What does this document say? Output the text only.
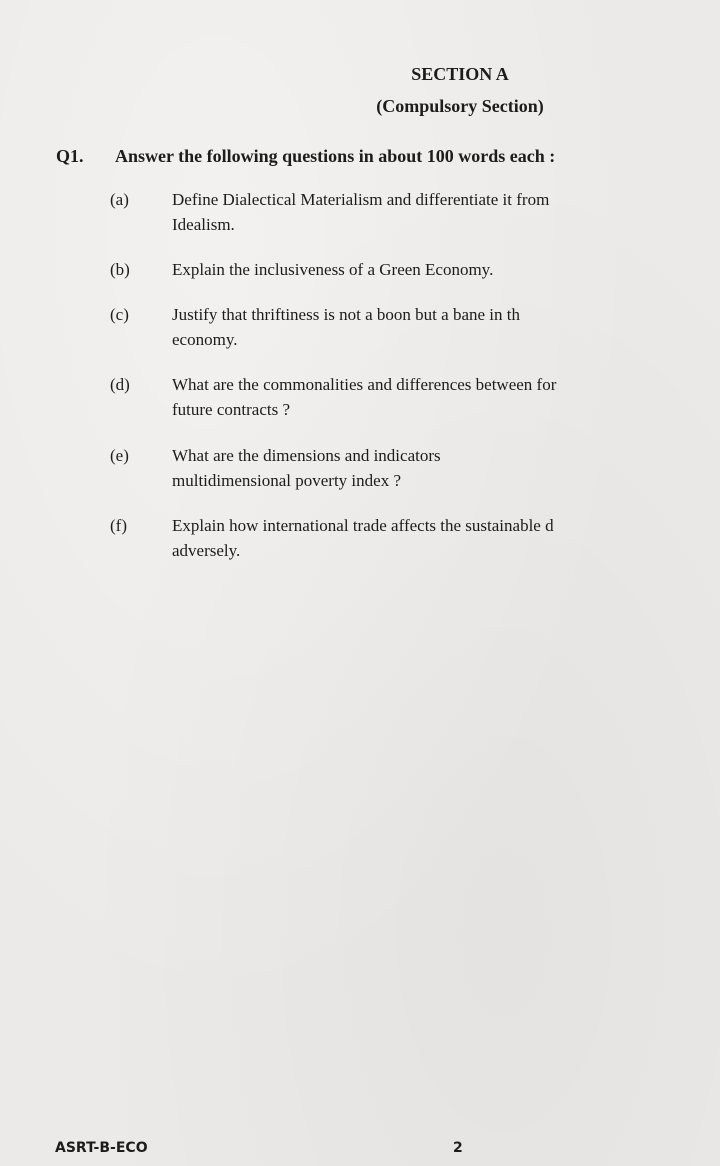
SECTION A
(Compulsory Section)
Q1. Answer the following questions in about 100 words each :
(a)	Define Dialectical Materialism and differentiate it from
Idealism.
(b) Explain the inclusiveness of a Green Economy.
(c)	Justify that thriftiness is not a boon but a bane in th
economy.
(d) What are the commonalities and differences between for
future contracts ?
(e)	What are the dimensions and indicators
multidimensional poverty index ?
(f)	Explain how international trade affects the sustainable d
adversely.
ASRT-B-ECO	2
